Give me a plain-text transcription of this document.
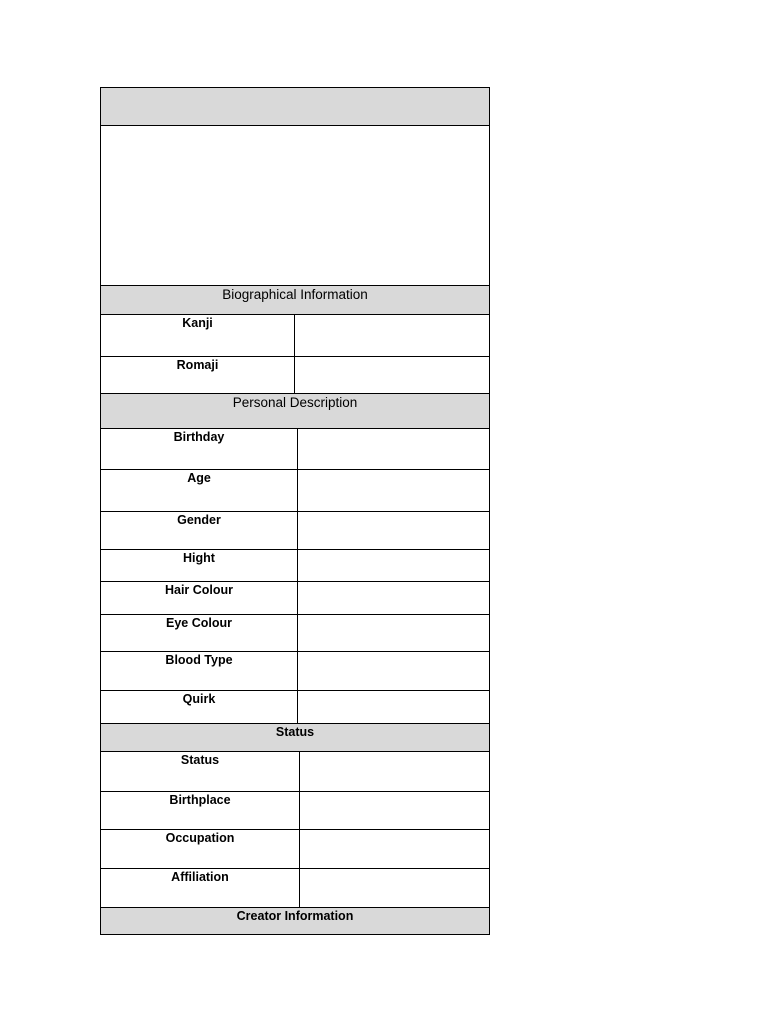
Biographical Information
Kanji
Romaji
Personal Description
Birthday
Age
Gender
Hight
Hair Colour
Eye Colour
Blood Type
Quirk
Status
Status
Birthplace
Occupation
Affiliation
Creator Information
